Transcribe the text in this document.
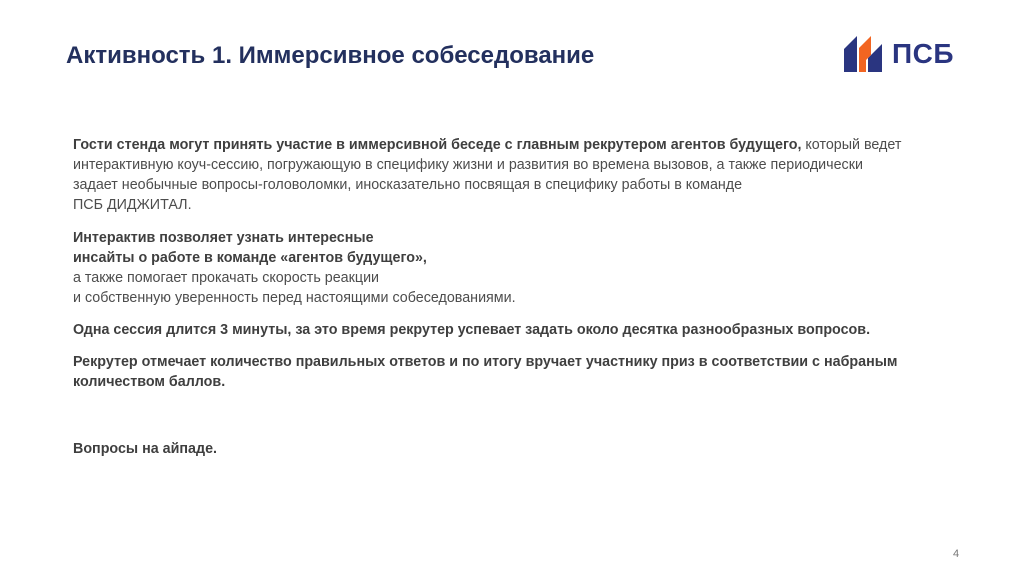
Активность 1. Иммерсивное собеседование	ПСБ

Гости стенда могут принять участие в иммерсивной беседе с главным рекрутером агентов будущего, который ведет
интерактивную коуч-сессию, погружающую в специфику жизни и развития во времена вызовов, а также периодически
задает необычные вопросы-головоломки, иносказательно посвящая в специфику работы в команде
ПСБ ДИДЖИТАЛ.

Интерактив позволяет узнать интересные
инсайты о работе в команде «агентов будущего»,
а также помогает прокачать скорость реакции
и собственную уверенность перед настоящими собеседованиями.

Одна сессия длится 3 минуты, за это время рекрутер успевает задать около десятка разнообразных вопросов.

Рекрутер отмечает количество правильных ответов и по итогу вручает участнику приз в соответствии с набраным
количеством баллов.

Вопросы на айпаде.

4
